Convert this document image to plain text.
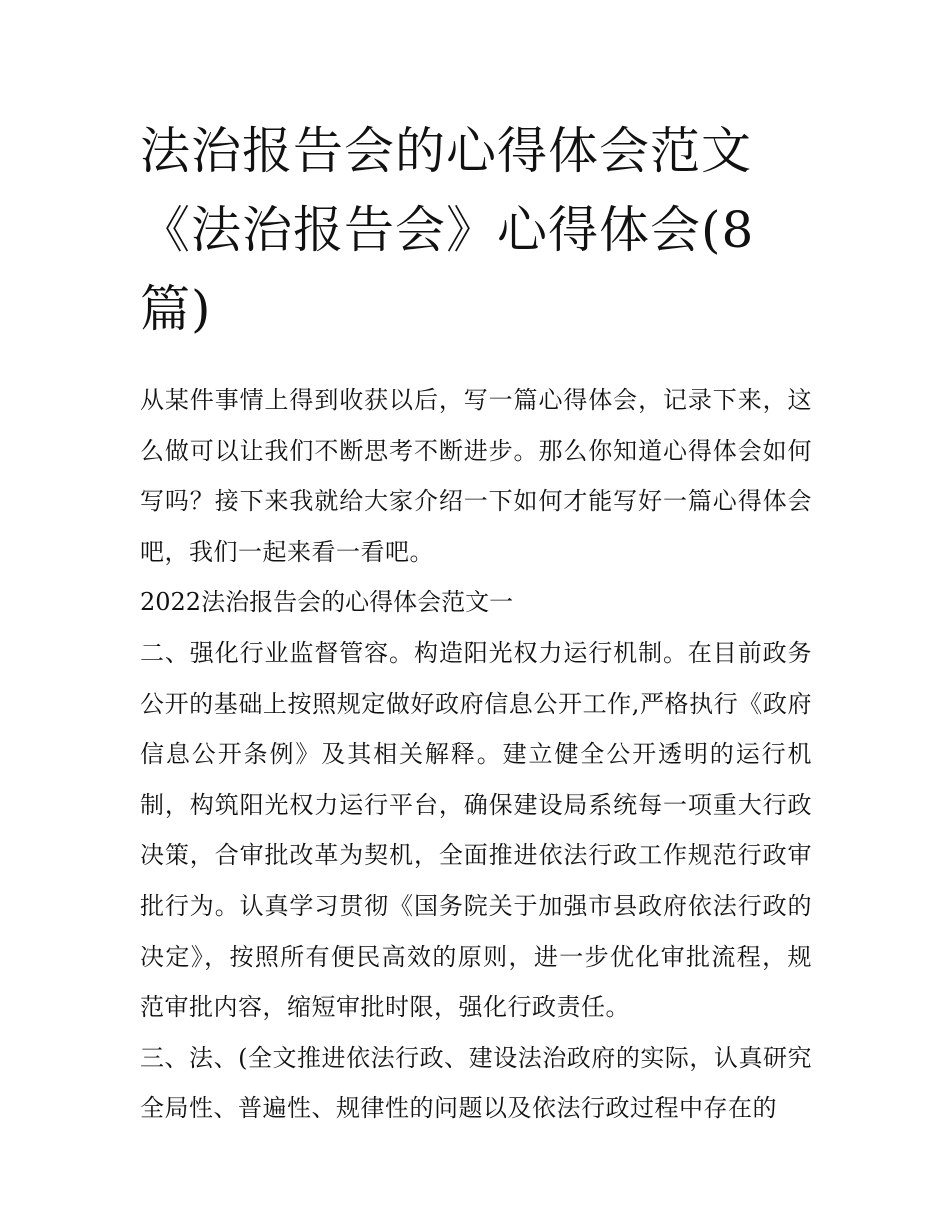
法治报告会的心得体会范文《法治报告会》心得体会(8篇)

从某件事情上得到收获以后，写一篇心得体会，记录下来，这么做可以让我们不断思考不断进步。那么你知道心得体会如何写吗？接下来我就给大家介绍一下如何才能写好一篇心得体会吧，我们一起来看一看吧。

2022法治报告会的心得体会范文一

二、强化行业监督管容。构造阳光权力运行机制。在目前政务公开的基础上按照规定做好政府信息公开工作,严格执行《政府信息公开条例》及其相关解释。建立健全公开透明的运行机制，构筑阳光权力运行平台，确保建设局系统每一项重大行政决策，合审批改革为契机，全面推进依法行政工作规范行政审批行为。认真学习贯彻《国务院关于加强市县政府依法行政的决定》，按照所有便民高效的原则，进一步优化审批流程，规范审批内容，缩短审批时限，强化行政责任。

三、法、(全文推进依法行政、建设法治政府的实际，认真研究全局性、普遍性、规律性的问题以及依法行政过程中存在的
